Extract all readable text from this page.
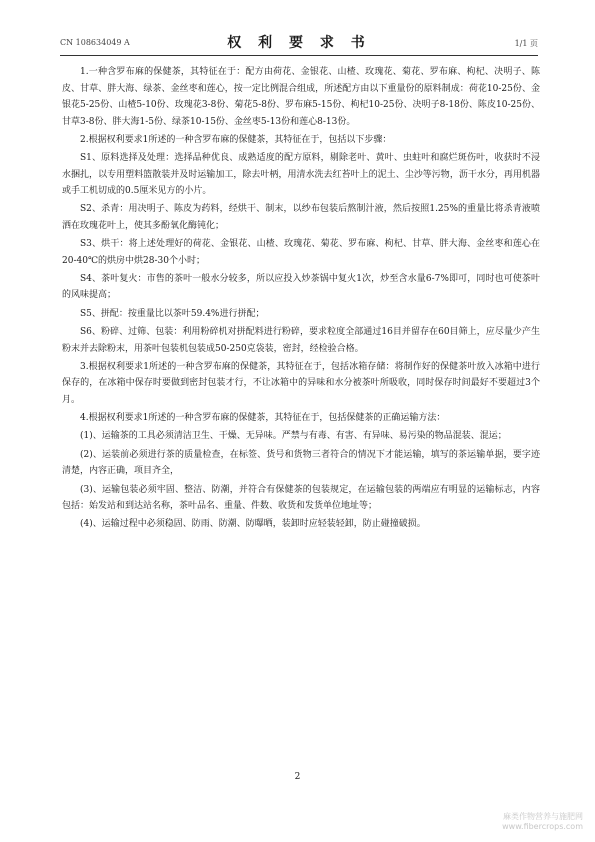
CN 108634049 A	权 利 要 求 书	1/1 页

1.一种含罗布麻的保健茶，其特征在于：配方由荷花、金银花、山楂、玫瑰花、菊花、罗布麻、枸杞、决明子、陈皮、甘草、胖大海、绿茶、金丝枣和莲心，按一定比例混合组成，所述配方由以下重量份的原料制成：荷花10-25份、金银花5-25份、山楂5-10份、玫瑰花3-8份、菊花5-8份、罗布麻5-15份、枸杞10-25份、决明子8-18份、陈皮10-25份、甘草3-8份、胖大海1-5份、绿茶10-15份、金丝枣5-13份和莲心8-13份。

2.根据权利要求1所述的一种含罗布麻的保健茶，其特征在于，包括以下步骤：

S1、原料选择及处理：选择品种优良、成熟适度的配方原料，剔除老叶、黄叶、虫蛀叶和腐烂斑伤叶，收获时不浸水捆扎，以专用塑料篮散装并及时运输加工，除去叶柄，用清水洗去红苔叶上的泥土、尘沙等污物，沥干水分，再用机器或手工机切成的0.5厘米见方的小片。

S2、杀青：用决明子、陈皮为药料，经烘干、制末，以纱布包装后熬制汁液，然后按照1.25%的重量比将杀青液喷洒在玫瑰花叶上，使其多酚氧化酶钝化；

S3、烘干：将上述处理好的荷花、金银花、山楂、玫瑰花、菊花、罗布麻、枸杞、甘草、胖大海、金丝枣和莲心在20-40℃的烘房中烘28-30个小时；

S4、茶叶复火：市售的茶叶一般水分较多，所以应投入炒茶锅中复火1次，炒至含水量6-7%即可，同时也可使茶叶的风味提高；

S5、拼配：按重量比以茶叶59.4%进行拼配；

S6、粉碎、过筛、包装：利用粉碎机对拼配料进行粉碎，要求粒度全部通过16目并留存在60目筛上，应尽量少产生粉末并去除粉末，用茶叶包装机包装成50-250克袋装，密封，经检验合格。

3.根据权利要求1所述的一种含罗布麻的保健茶，其特征在于，包括冰箱存储：将制作好的保健茶叶放入冰箱中进行保存的，在冰箱中保存时要做到密封包装才行，不让冰箱中的异味和水分被茶叶所吸收，同时保存时间最好不要超过3个月。

4.根据权利要求1所述的一种含罗布麻的保健茶，其特征在于，包括保健茶的正确运输方法：

(1)、运输茶的工具必须清洁卫生、干燥、无异味。严禁与有毒、有害、有异味、易污染的物品混装、混运；

(2)、运装前必须进行茶的质量检查，在标签、货号和货物三者符合的情况下才能运输，填写的茶运输单据，要字迹清楚，内容正确，项目齐全，

(3)、运输包装必须牢固、整洁、防潮，并符合有保健茶的包装规定，在运输包装的两端应有明显的运输标志，内容包括：始发站和到达站名称，茶叶品名、重量、件数、收货和发货单位地址等；

(4)、运输过程中必须稳固、防雨、防潮、防曝晒，装卸时应轻装轻卸，防止碰撞破损。

2
麻类作物营养与施肥网
www.fibercrops.com
